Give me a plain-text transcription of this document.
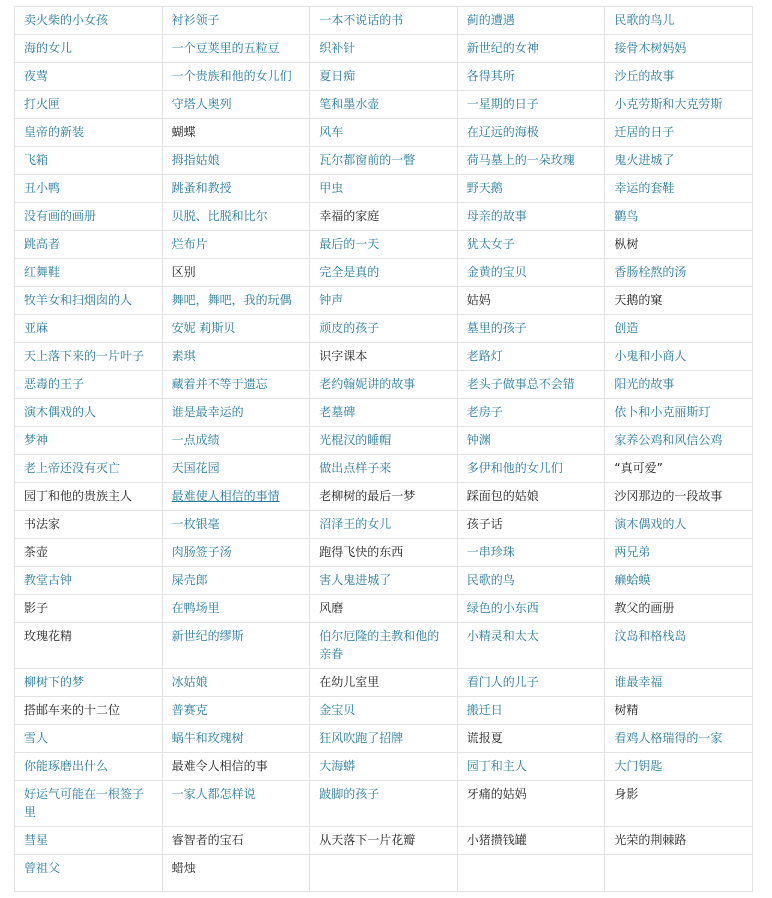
卖火柴的小女孩	衬衫领子	一本不说话的书	蓟的遭遇	民歌的鸟儿
海的女儿	一个豆荚里的五粒豆	织补针	新世纪的女神	接骨木树妈妈
夜莺	一个贵族和他的女儿们	夏日痴	各得其所	沙丘的故事
打火匣	守塔人奥列	笔和墨水壶	一星期的日子	小克劳斯和大克劳斯
皇帝的新装	蝴蝶	风车	在辽远的海极	迁居的日子
飞箱	拇指姑娘	瓦尔都窗前的一瞥	荷马墓上的一朵玫瑰	鬼火进城了
丑小鸭	跳蚤和教授	甲虫	野天鹅	幸运的套鞋
没有画的画册	贝脱、比脱和比尔	幸福的家庭	母亲的故事	鹳鸟
跳高者	烂布片	最后的一天	犹太女子	枞树
红舞鞋	区别	完全是真的	金黄的宝贝	香肠栓熬的汤
牧羊女和扫烟囱的人	舞吧，舞吧，我的玩偶	钟声	姑妈	天鹅的窠
亚麻	安妮 莉斯贝	顽皮的孩子	墓里的孩子	创造
天上落下来的一片叶子	素琪	识字课本	老路灯	小鬼和小商人
恶毒的王子	藏着并不等于遗忘	老约翰妮讲的故事	老头子做事总不会错	阳光的故事
演木偶戏的人	谁是最幸运的	老墓碑	老房子	依卜和小克丽斯玎
梦神	一点成绩	光棍汉的睡帽	钟渊	家养公鸡和风信公鸡
老上帝还没有灭亡	天国花园	做出点样子来	多伊和他的女儿们	“真可爱”
园丁和他的贵族主人	最难使人相信的事情	老柳树的最后一梦	踩面包的姑娘	沙冈那边的一段故事
书法家	一枚银毫	沼泽王的女儿	孩子话	演木偶戏的人
茶壶	肉肠签子汤	跑得飞快的东西	一串珍珠	两兄弟
教堂古钟	屎壳郎	害人鬼进城了	民歌的鸟	癞蛤蟆
影子	在鸭场里	风磨	绿色的小东西	教父的画册
玫瑰花精	新世纪的缪斯	伯尔厄隆的主教和他的亲眷	小精灵和太太	汶岛和格栈岛
柳树下的梦	冰姑娘	在幼儿室里	看门人的儿子	谁最幸福
搭邮车来的十二位	普赛克	金宝贝	搬迁日	树精
雪人	蜗牛和玫瑰树	狂风吹跑了招牌	谎报夏	看鸡人格瑞得的一家
你能琢磨出什么	最难令人相信的事	大海蟒	园丁和主人	大门钥匙
好运气可能在一根签子里	一家人都怎样说	跛脚的孩子	牙痛的姑妈	身影
彗星	睿智者的宝石	从天落下一片花瓣	小猪攒钱罐	光荣的荆棘路
曾祖父	蜡烛			
